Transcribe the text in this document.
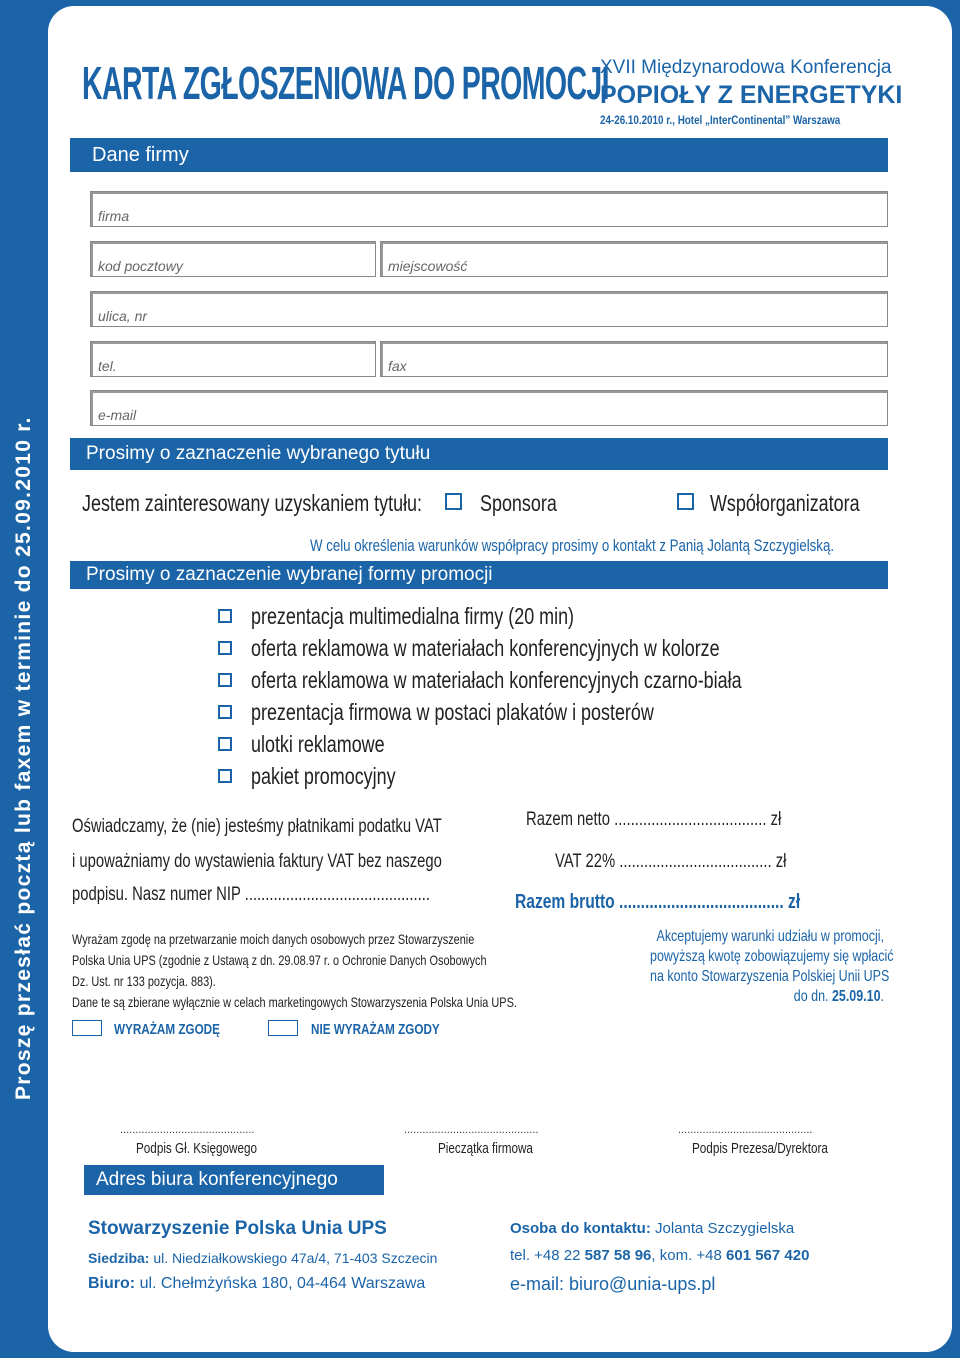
Proszę przesłać pocztą lub faxem w terminie do 25.09.2010 r.
KARTA ZGŁOSZENIOWA DO PROMOCJI
XVII Międzynarodowa Konferencja
POPIOŁY Z ENERGETYKI
24-26.10.2010 r., Hotel „InterContinental” Warszawa
Dane firmy
firma
kod pocztowy	miejscowość
ulica, nr
tel.	fax
e-mail
Prosimy o zaznaczenie wybranego tytułu
Jestem zainteresowany uzyskaniem tytułu:	Sponsora	Współorganizatora
W celu określenia warunków współpracy prosimy o kontakt z Panią Jolantą Szczygielską.
Prosimy o zaznaczenie wybranej formy promocji
prezentacja multimedialna firmy (20 min)
oferta reklamowa w materiałach konferencyjnych w kolorze
oferta reklamowa w materiałach konferencyjnych czarno-biała
prezentacja firmowa w postaci plakatów i posterów
ulotki reklamowe
pakiet promocyjny
Oświadczamy, że (nie) jesteśmy płatnikami podatku VAT
i upoważniamy do wystawienia faktury VAT bez naszego
podpisu. Nasz numer NIP .............................................
Razem netto ..................................... zł
VAT 22% ..................................... zł
Razem brutto ...................................... zł
Wyrażam zgodę na przetwarzanie moich danych osobowych przez Stowarzyszenie
Polska Unia UPS (zgodnie z Ustawą z dn. 29.08.97 r. o Ochronie Danych Osobowych
Dz. Ust. nr 133 pozycja. 883).
Dane te są zbierane wyłącznie w celach marketingowych Stowarzyszenia Polska Unia UPS.
WYRAŻAM ZGODĘ	NIE WYRAŻAM ZGODY
Akceptujemy warunki udziału w promocji,
powyższą kwotę zobowiązujemy się wpłacić
na konto Stowarzyszenia Polskiej Unii UPS
do dn. 25.09.10.
............................................
Podpis Gł. Księgowego
............................................
Pieczątka firmowa
............................................
Podpis Prezesa/Dyrektora
Adres biura konferencyjnego
Stowarzyszenie Polska Unia UPS
Siedziba: ul. Niedziałkowskiego 47a/4, 71-403 Szczecin
Biuro: ul. Chełmżyńska 180, 04-464 Warszawa
Osoba do kontaktu: Jolanta Szczygielska
tel. +48 22 587 58 96, kom. +48 601 567 420
e-mail: biuro@unia-ups.pl
